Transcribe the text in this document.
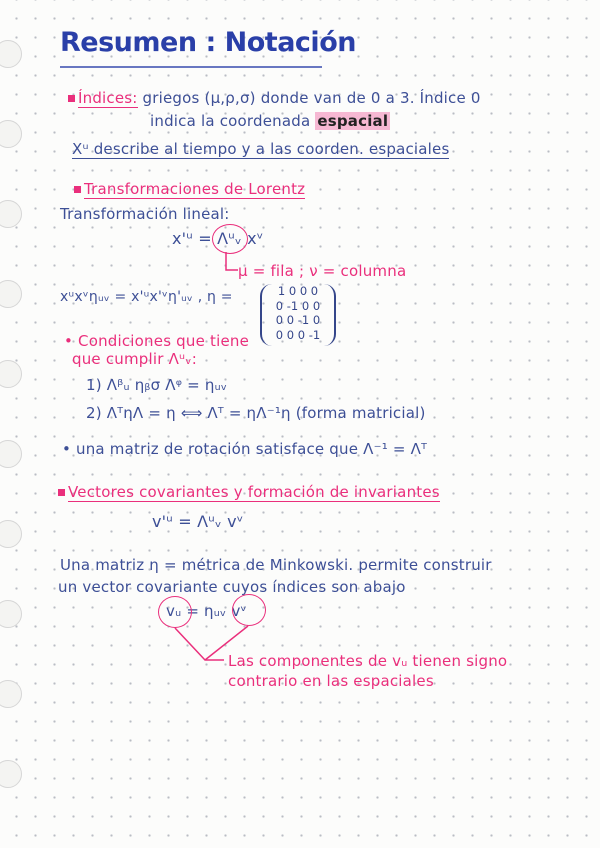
Resumen : Notación
Índices: griegos (μ,ρ,σ) donde van de 0 a 3. Índice 0
indica la coordenada espacial
Xᵘ describe al tiempo y a las coorden. espaciales
Transformaciones de Lorentz
Transformación lineal:
x'ᵘ = Λᵘᵥ xᵛ
μ = fila ; ν = columna
xᵘxᵛηᵤᵥ = x'ᵘx'ᵛη'ᵤᵥ , η =	1 0 0 0
0 -1 0 0
0 0 -1 0
0 0 0 -1
• Condiciones que tiene
que cumplir Λᵘᵥ:
1) Λᵝᵤ ηᵦσ Λᵠ = ηᵤᵥ
2) ΛᵀηΛ = η ⟺ Λᵀ = ηΛ⁻¹η (forma matricial)
• una matriz de rotación satisface que Λ⁻¹ = Λᵀ
Vectores covariantes y formación de invariantes
v'ᵘ = Λᵘᵥ vᵛ
Una matriz η = métrica de Minkowski. permite construir
un vector covariante cuyos índices son abajo
vᵤ = ηᵤᵥ vᵛ
Las componentes de vᵤ tienen signo
contrario en las espaciales
